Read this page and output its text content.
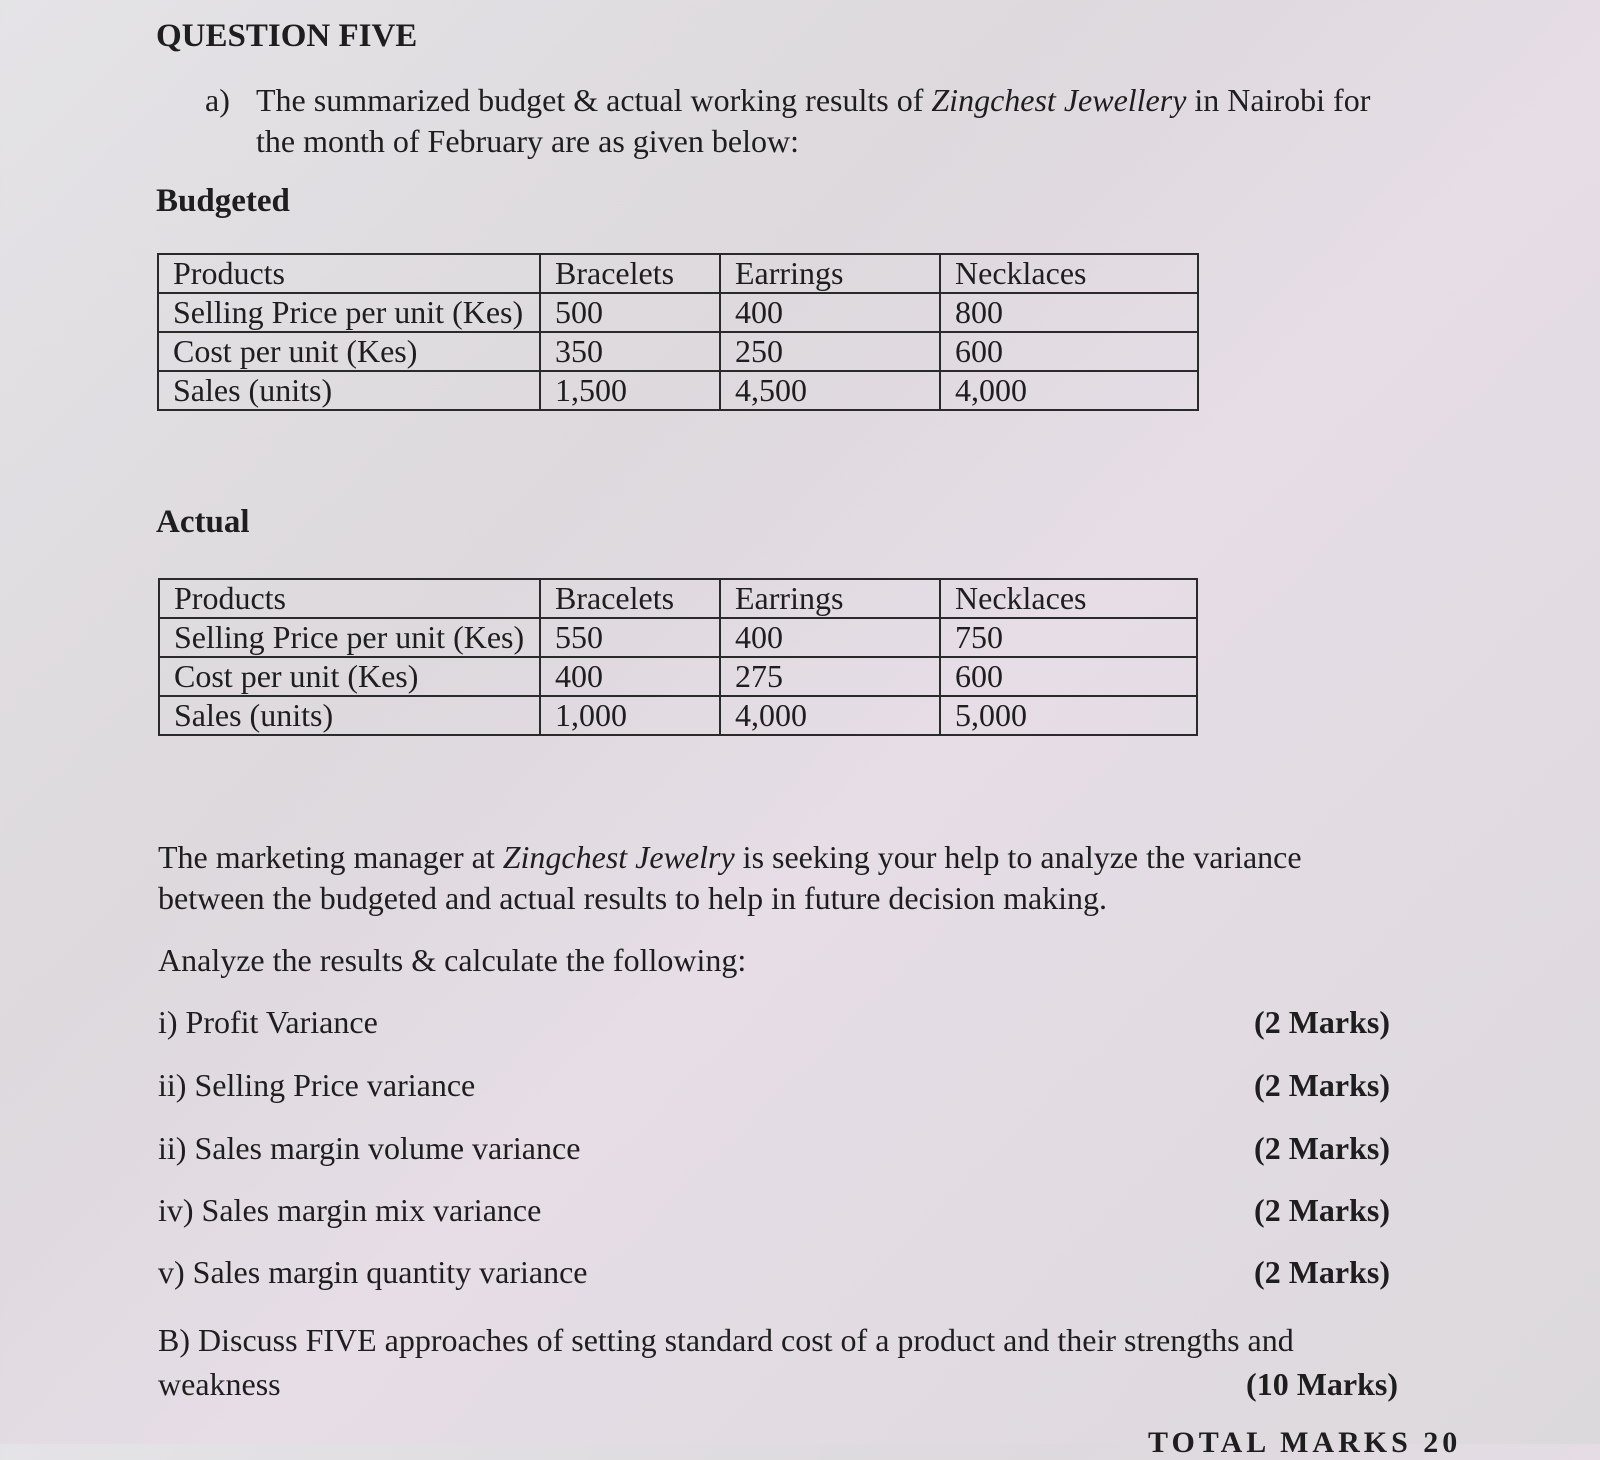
QUESTION FIVE
a) The summarized budget & actual working results of Zingchest Jewellery in Nairobi for
the month of February are as given below:
Budgeted
Products	Bracelets	Earrings	Necklaces
Selling Price per unit (Kes)	500	400	800
Cost per unit (Kes)	350	250	600
Sales (units)	1,500	4,500	4,000
Actual
Products	Bracelets	Earrings	Necklaces
Selling Price per unit (Kes)	550	400	750
Cost per unit (Kes)	400	275	600
Sales (units)	1,000	4,000	5,000
The marketing manager at Zingchest Jewelry is seeking your help to analyze the variance
between the budgeted and actual results to help in future decision making.
Analyze the results & calculate the following:
i) Profit Variance	(2 Marks)
ii) Selling Price variance	(2 Marks)
ii) Sales margin volume variance	(2 Marks)
iv) Sales margin mix variance	(2 Marks)
v) Sales margin quantity variance	(2 Marks)
B) Discuss FIVE approaches of setting standard cost of a product and their strengths and
weakness	(10 Marks)
TOTAL MARKS 20
